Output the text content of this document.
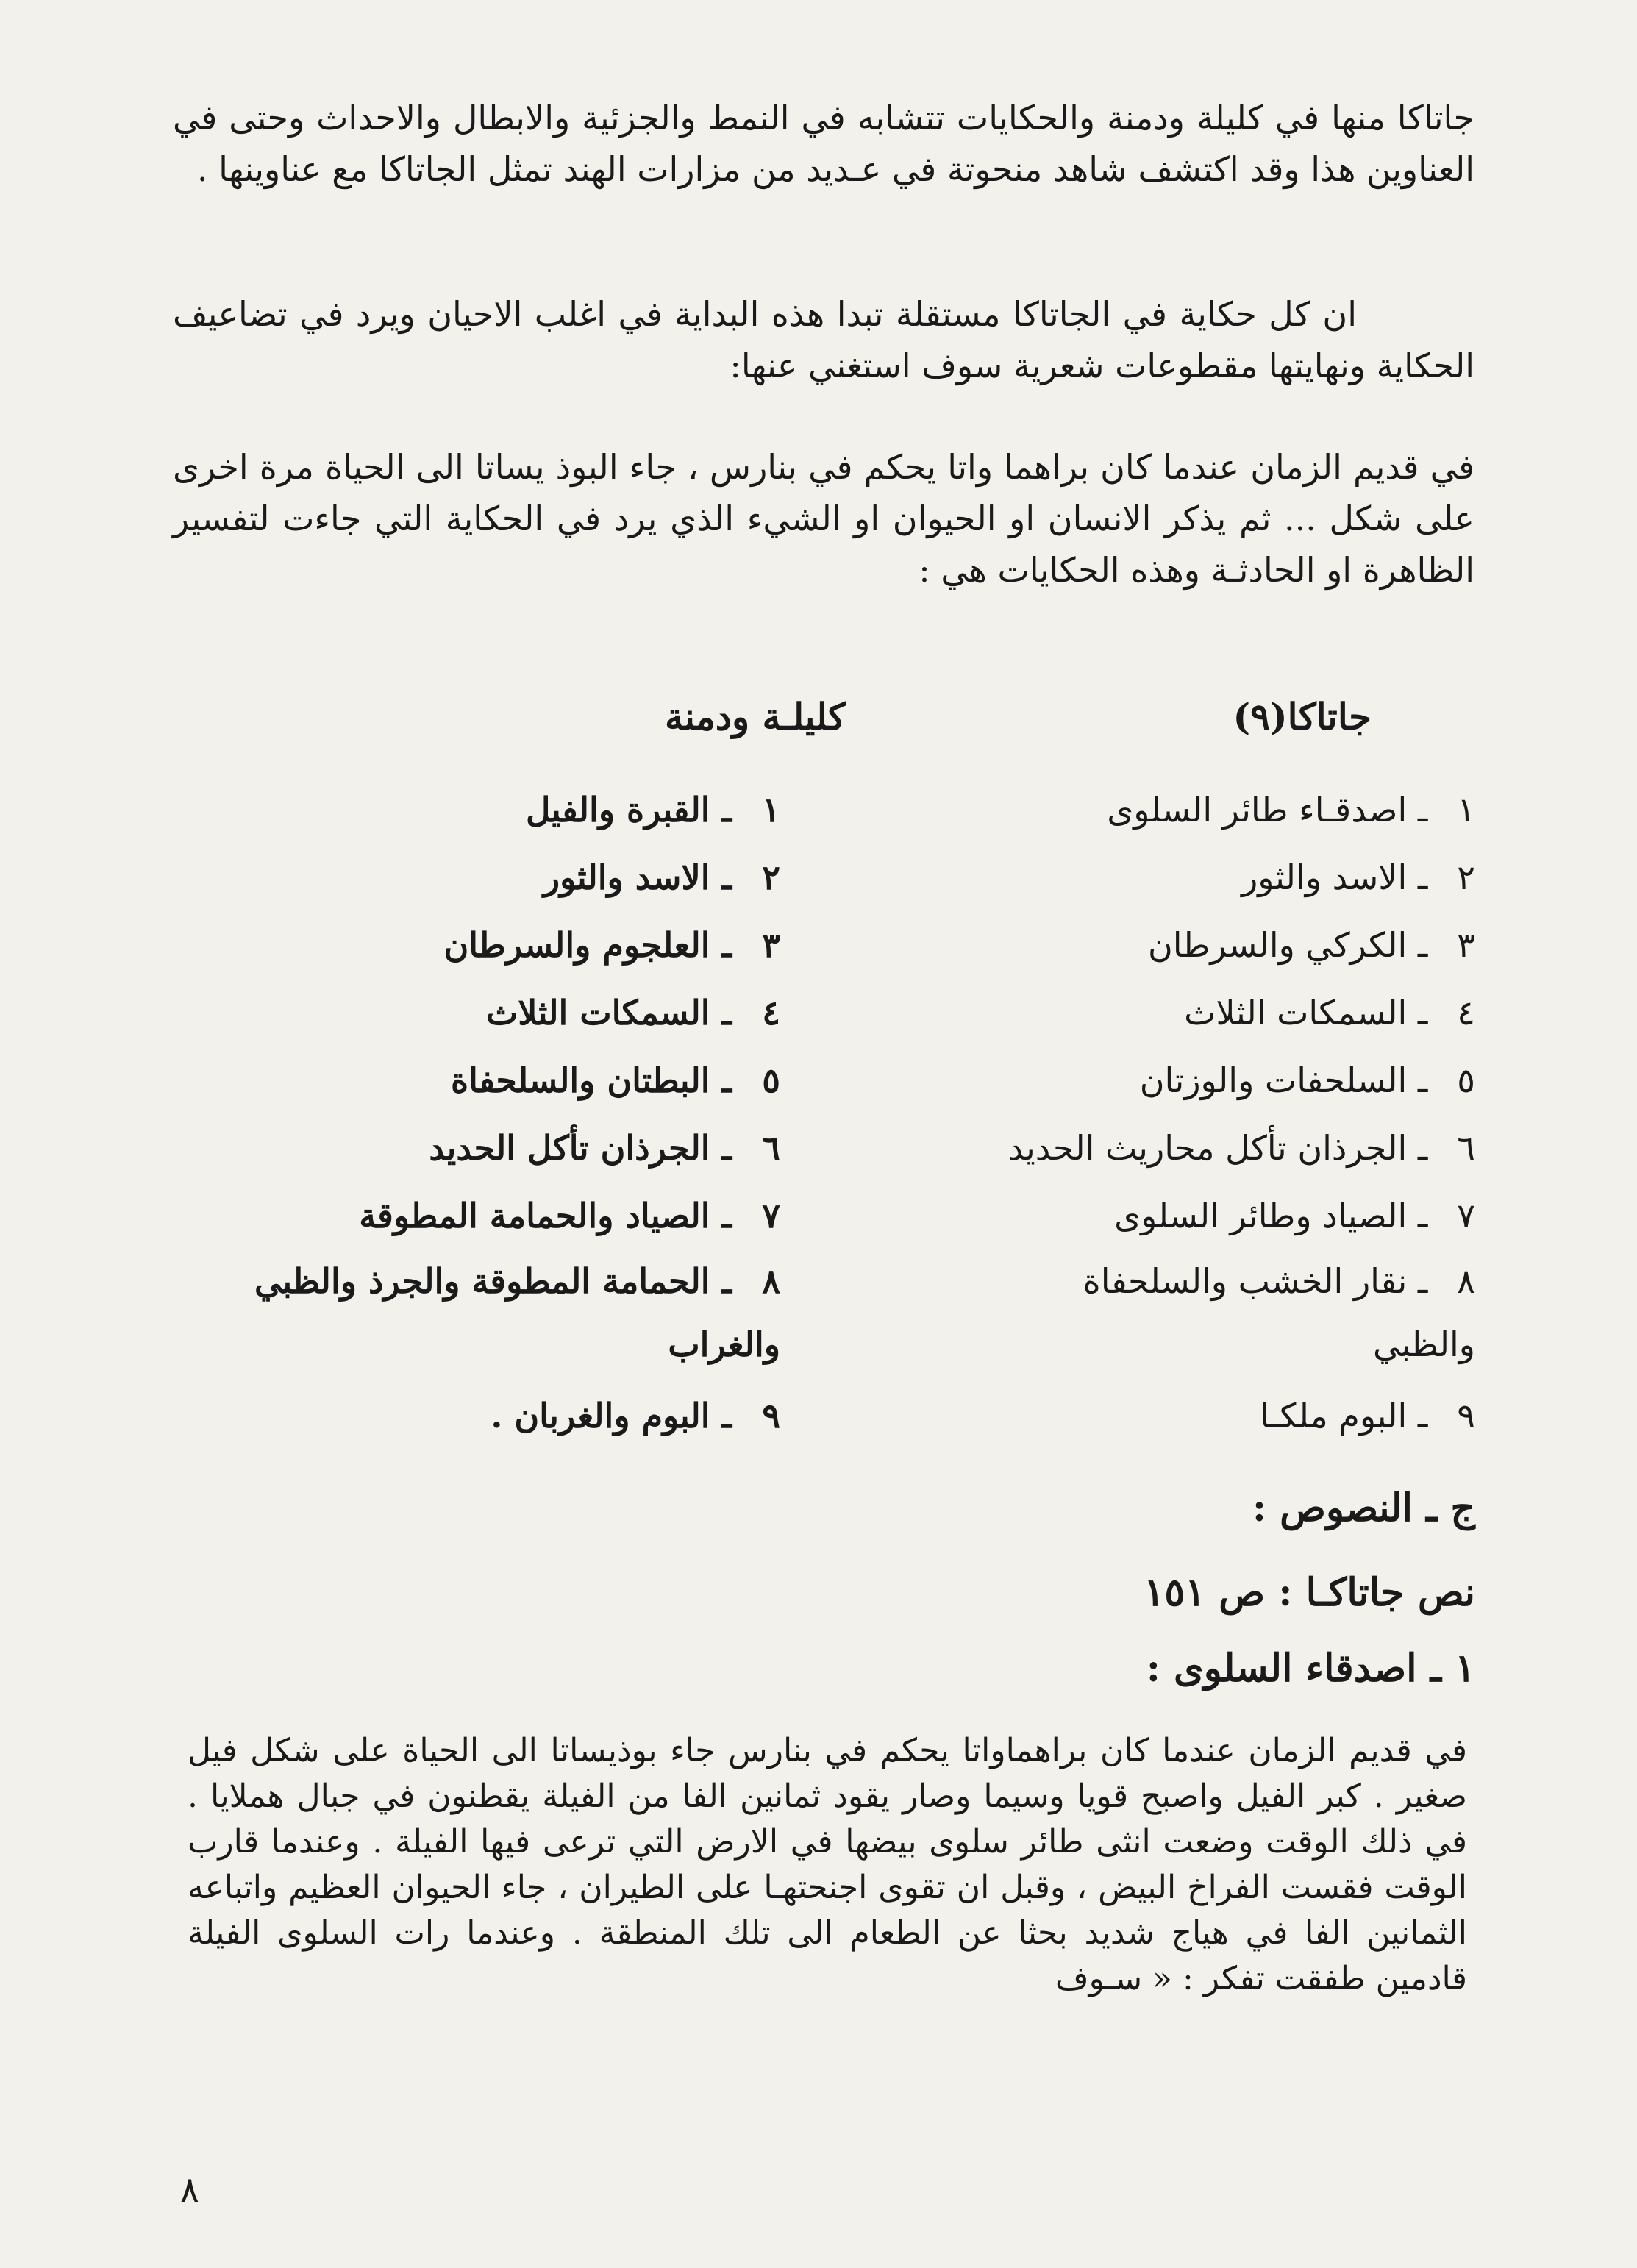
جاتاكا منها في كليلة ودمنة والحكايات تتشابه في النمط والجزئية والابطال والاحداث وحتى في العناوين هذا وقد اكتشف شاهد منحوتة في عـديد من مزارات الهند تمثل الجاتاكا مع عناوينها .

ان كل حكاية في الجاتاكا مستقلة تبدا هذه البداية في اغلب الاحيان ويرد في تضاعيف الحكاية ونهايتها مقطوعات شعرية سوف استغني عنها:

في قديم الزمان عندما كان براهما واتا يحكم في بنارس ، جاء البوذ يساتا الى الحياة مرة اخرى على شكل ... ثم يذكر الانسان او الحيوان او الشيء الذي يرد في الحكاية التي جاءت لتفسير الظاهرة او الحادثـة وهذه الحكايات هي :

جاتاكا(٩)
كليلـة ودمنة
١ ـ اصدقـاء طائر السلوى
٢ ـ الاسد والثور
٣ ـ الكركي والسرطان
٤ ـ السمكات الثلاث
٥ ـ السلحفات والوزتان
٦ ـ الجرذان تأكل محاريث الحديد
٧ ـ الصياد وطائر السلوى
٨ ـ نقار الخشب والسلحفاة والظبي
٩ ـ البوم ملكـا
١ ـ القبرة والفيل
٢ ـ الاسد والثور
٣ ـ العلجوم والسرطان
٤ ـ السمكات الثلاث
٥ ـ البطتان والسلحفاة
٦ ـ الجرذان تأكل الحديد
٧ ـ الصياد والحمامة المطوقة
٨ ـ الحمامة المطوقة والجرذ والظبي والغراب
٩ ـ البوم والغربان .
ج ـ النصوص :
نص جاتاكـا : ص ١٥١
١ ـ اصدقاء السلوى :

في قديم الزمان عندما كان براهماواتا يحكم في بنارس جاء بوذيساتا الى الحياة على شكل فيل صغير . كبر الفيل واصبح قويا وسيما وصار يقود ثمانين الفا من الفيلة يقطنون في جبال هملايا . في ذلك الوقت وضعت انثى طائر سلوى بيضها في الارض التي ترعى فيها الفيلة . وعندما قارب الوقت فقست الفراخ البيض ، وقبل ان تقوى اجنحتهـا على الطيران ، جاء الحيوان العظيم واتباعه الثمانين الفا في هياج شديد بحثا عن الطعام الى تلك المنطقة . وعندما رات السلوى الفيلة قادمين طفقت تفكر : « سـوف

٨
